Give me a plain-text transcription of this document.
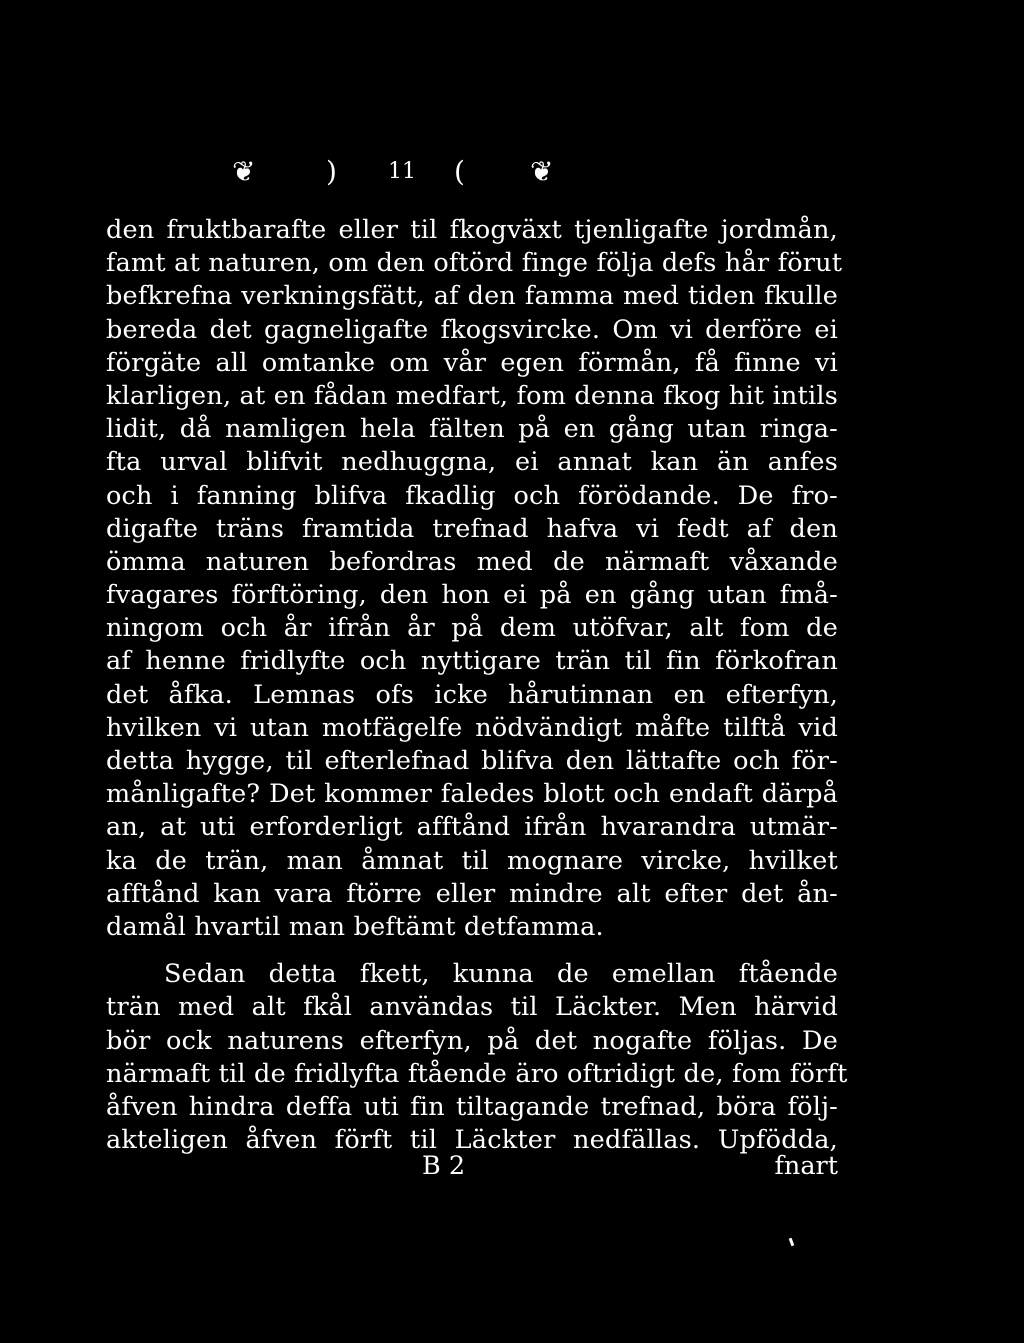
❦	) 11 ( ❦
den fruktbarafte eller til fkogväxt tjenligafte jordmån,
famt at naturen, om den oftörd finge följa defs hår förut
befkrefna verkningsfätt, af den famma med tiden fkulle
bereda det gagneligafte fkogsvircke. Om vi derföre ei
förgäte all omtanke om vår egen förmån, få finne vi
klarligen, at en fådan medfart, fom denna fkog hit intils
lidit, då namligen hela fälten på en gång utan ringa-
fta urval blifvit nedhuggna, ei annat kan än anfes
och i fanning blifva fkadlig och förödande. De fro-
digafte träns framtida trefnad hafva vi fedt af den
ömma naturen befordras med de närmaft våxande
fvagares förftöring, den hon ei på en gång utan fmå-
ningom och år ifrån år på dem utöfvar, alt fom de
af henne fridlyfte och nyttigare trän til fin förkofran
det åfka. Lemnas ofs icke hårutinnan en efterfyn,
hvilken vi utan motfägelfe nödvändigt måfte tilftå vid
detta hygge, til efterlefnad blifva den lättafte och för-
månligafte? Det kommer faledes blott och endaft därpå
an, at uti erforderligt afftånd ifrån hvarandra utmär-
ka de trän, man åmnat til mognare vircke, hvilket
afftånd kan vara ftörre eller mindre alt efter det ån-
damål hvartil man beftämt detfamma.
Sedan detta fkett, kunna de emellan ftående
trän med alt fkål användas til Läckter. Men härvid
bör ock naturens efterfyn, på det nogafte följas. De
närmaft til de fridlyfta ftående äro oftridigt de, fom förft
åfven hindra deffa uti fin tiltagande trefnad, böra följ-
akteligen åfven förft til Läckter nedfällas. Upfödda,
B 2	fnart
